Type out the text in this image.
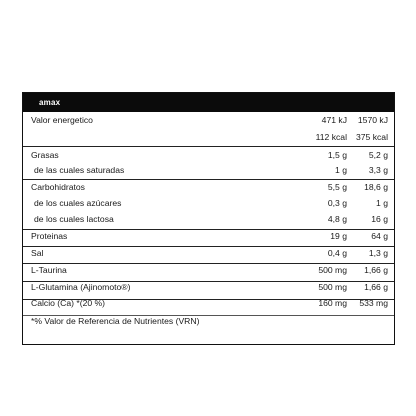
amax
Valor energetico	471 kJ 1570 kJ
112 kcal 375 kcal
Grasas	1,5 g	5,2 g
de las cuales saturadas	1 g	3,3 g
Carbohidratos	5,5 g 18,6 g
de los cuales azúcares	0,3 g	1 g
de los cuales lactosa	4,8 g	16 g
Proteinas	19 g	64 g
Sal	0,4 g	1,3 g
L-Taurina	500 mg 1,66 g
L-Glutamina (Ajinomoto®)	500 mg 1,66 g
Calcio (Ca) *(20 %)	160 mg 533 mg
*% Valor de Referencia de Nutrientes (VRN)
